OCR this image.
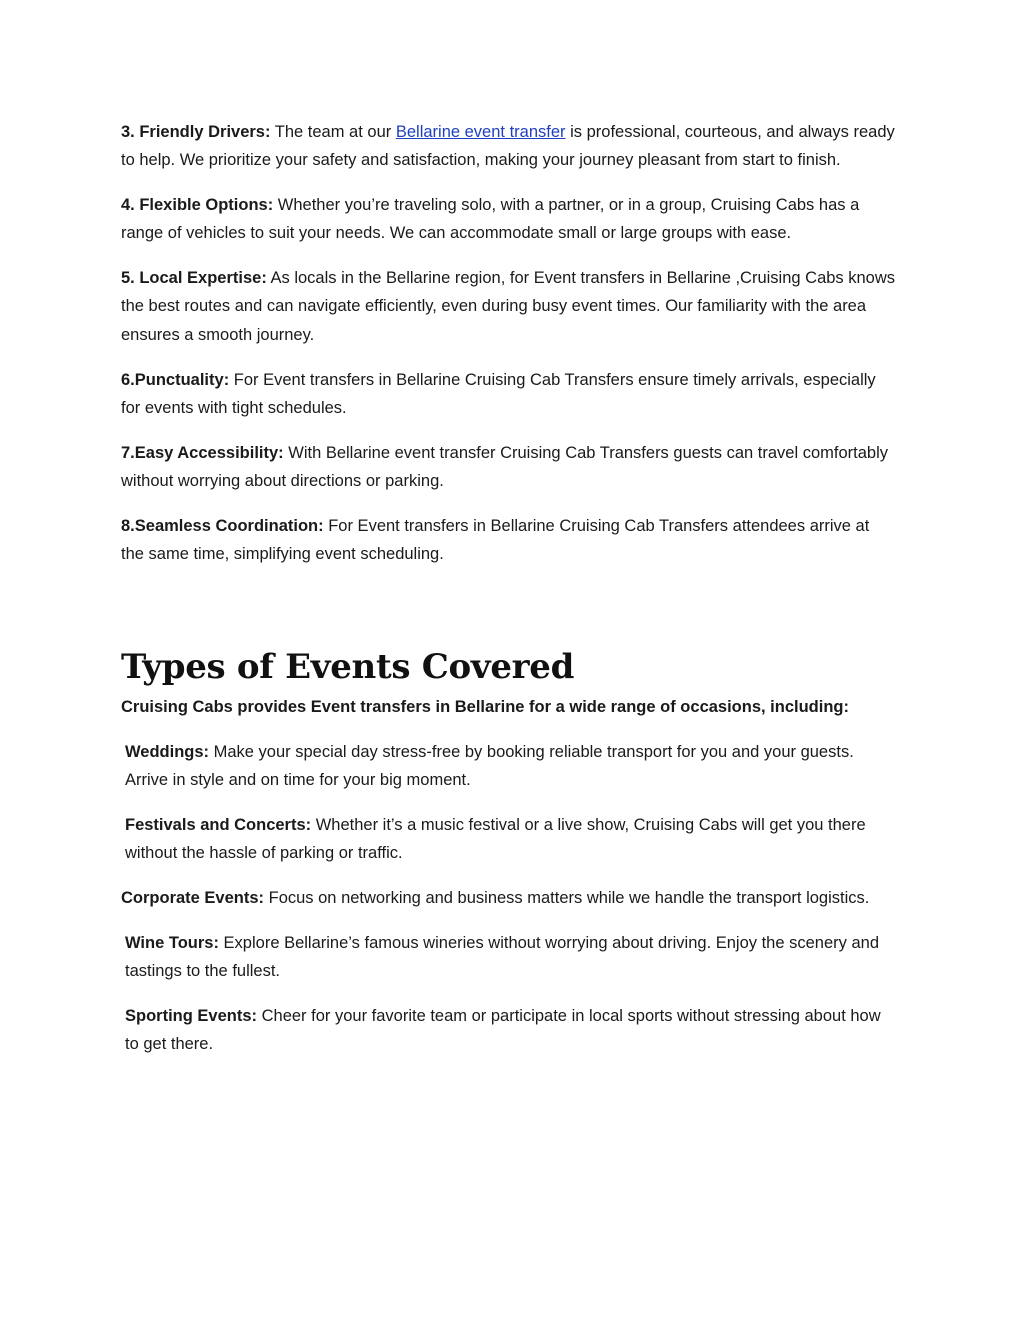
3. Friendly Drivers: The team at our Bellarine event transfer is professional, courteous, and always ready to help. We prioritize your safety and satisfaction, making your journey pleasant from start to finish.

4. Flexible Options: Whether you’re traveling solo, with a partner, or in a group, Cruising Cabs has a range of vehicles to suit your needs. We can accommodate small or large groups with ease.

5. Local Expertise: As locals in the Bellarine region, for Event transfers in Bellarine ,Cruising Cabs knows the best routes and can navigate efficiently, even during busy event times. Our familiarity with the area ensures a smooth journey.

6.Punctuality: For Event transfers in Bellarine Cruising Cab Transfers ensure timely arrivals, especially for events with tight schedules.

7.Easy Accessibility: With Bellarine event transfer Cruising Cab Transfers guests can travel comfortably without worrying about directions or parking.

8.Seamless Coordination: For Event transfers in Bellarine Cruising Cab Transfers attendees arrive at the same time, simplifying event scheduling.

Types of Events Covered

Cruising Cabs provides Event transfers in Bellarine for a wide range of occasions, including:

Weddings: Make your special day stress-free by booking reliable transport for you and your guests. Arrive in style and on time for your big moment.

Festivals and Concerts: Whether it’s a music festival or a live show, Cruising Cabs will get you there without the hassle of parking or traffic.

Corporate Events: Focus on networking and business matters while we handle the transport logistics.

Wine Tours: Explore Bellarine’s famous wineries without worrying about driving. Enjoy the scenery and tastings to the fullest.

Sporting Events: Cheer for your favorite team or participate in local sports without stressing about how to get there.
